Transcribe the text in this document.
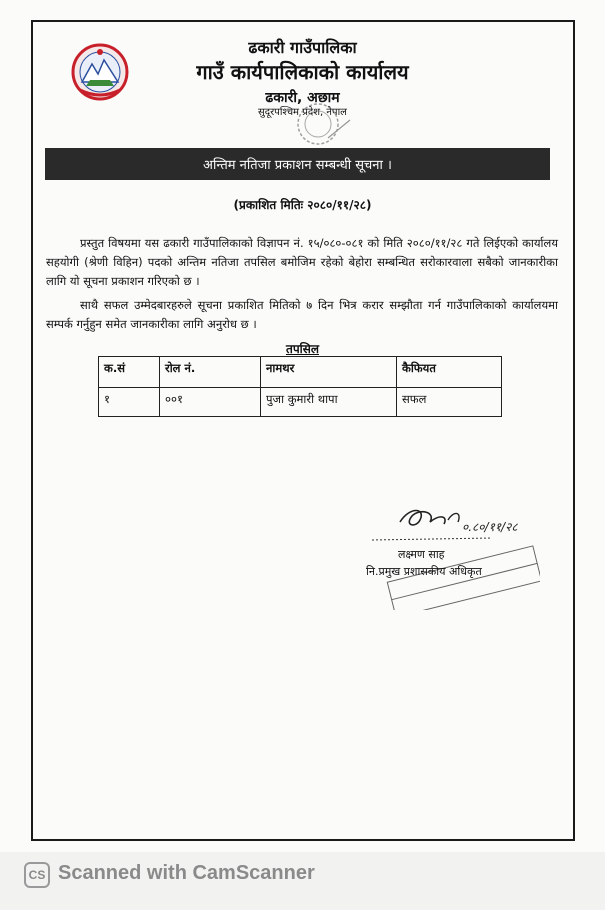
ढकारी गाउँपालिका
गाउँ कार्यपालिकाको कार्यालय
ढकारी, अछाम
सुदूरपश्चिम प्रदेश, नेपाल
अन्तिम नतिजा प्रकाशन सम्बन्धी सूचना ।
(प्रकाशित मितिः २०८०/११/२८)
प्रस्तुत विषयमा यस ढकारी गाउँपालिकाको विज्ञापन नं. १५/०८०-०८१ को मिति २०८०/११/२८ गते लिईएको कार्यालय सहयोगी (श्रेणी विहिन) पदको अन्तिम नतिजा तपसिल बमोजिम रहेको बेहोरा सम्बन्धित सरोकारवाला सबैको जानकारीका लागि यो सूचना प्रकाशन गरिएको छ ।
साथै सफल उम्मेदबारहरुले सूचना प्रकाशित मितिको ७ दिन भित्र करार सम्झौता गर्न गाउँपालिकाको कार्यालयमा सम्पर्क गर्नुहुन समेत जानकारीका लागि अनुरोध छ ।
तपसिल
क.सं	रोल नं.	नामथर	कैफियत
१	००१	पुजा कुमारी थापा	सफल
०.८०/११/२८
लक्ष्मण साह
नि.प्रमुख प्रशासकीय अधिकृत
CS Scanned with CamScanner
